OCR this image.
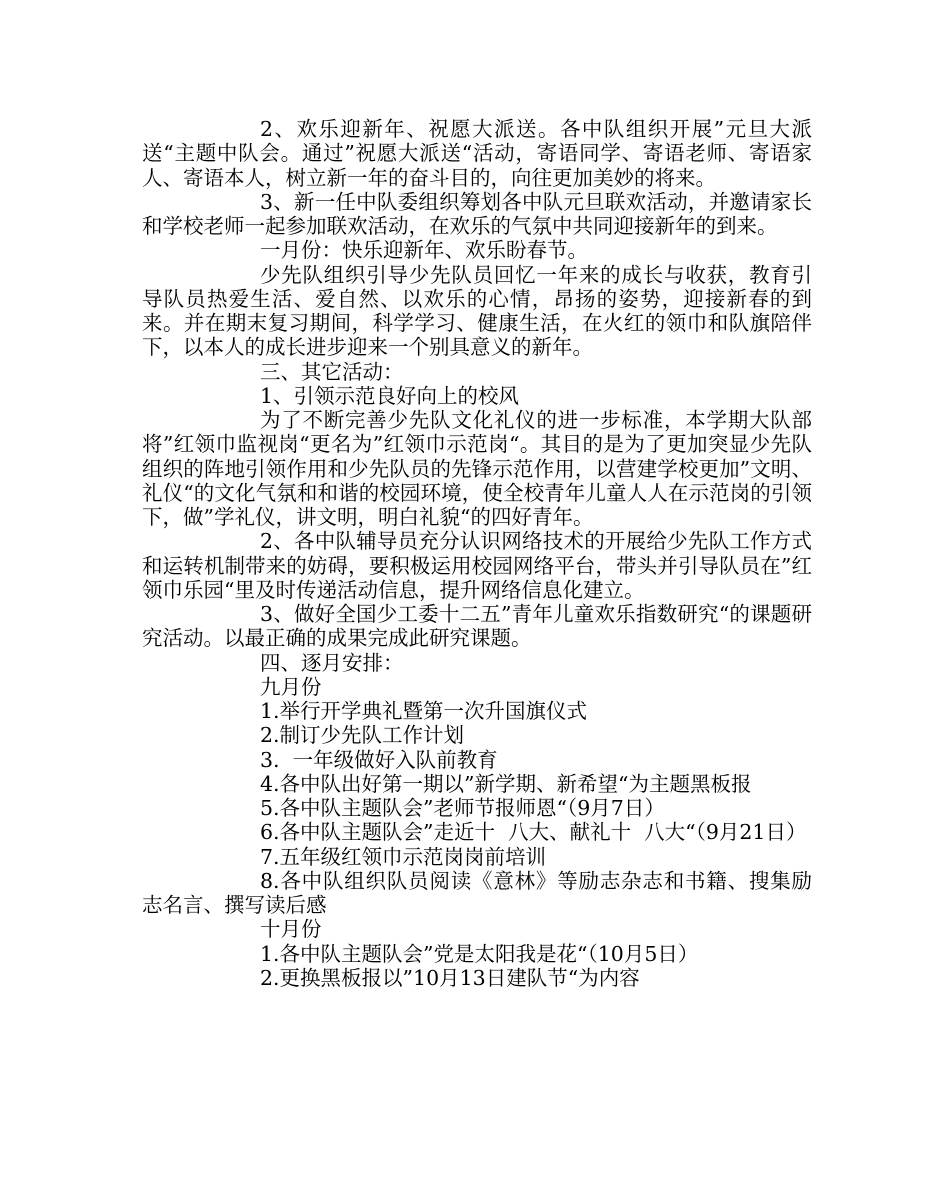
2、欢乐迎新年、祝愿大派送。各中队组织开展”元旦大派送“主题中队会。通过”祝愿大派送“活动，寄语同学、寄语老师、寄语家人、寄语本人，树立新一年的奋斗目的，向往更加美妙的将来。

3、新一任中队委组织筹划各中队元旦联欢活动，并邀请家长和学校老师一起参加联欢活动，在欢乐的气氛中共同迎接新年的到来。

一月份：快乐迎新年、欢乐盼春节。

少先队组织引导少先队员回忆一年来的成长与收获，教育引导队员热爱生活、爱自然、以欢乐的心情，昂扬的姿势，迎接新春的到来。并在期末复习期间，科学学习、健康生活，在火红的领巾和队旗陪伴下，以本人的成长进步迎来一个别具意义的新年。

三、其它活动：

1、引领示范良好向上的校风

为了不断完善少先队文化礼仪的进一步标准，本学期大队部将”红领巾监视岗“更名为”红领巾示范岗“。其目的是为了更加突显少先队组织的阵地引领作用和少先队员的先锋示范作用，以营建学校更加”文明、礼仪“的文化气氛和和谐的校园环境，使全校青年儿童人人在示范岗的引领下，做”学礼仪，讲文明，明白礼貌“的四好青年。

2、各中队辅导员充分认识网络技术的开展给少先队工作方式和运转机制带来的妨碍，要积极运用校园网络平台，带头并引导队员在”红领巾乐园“里及时传递活动信息，提升网络信息化建立。

3、做好全国少工委十二五”青年儿童欢乐指数研究“的课题研究活动。以最正确的成果完成此研究课题。

四、逐月安排：

九月份

1.举行开学典礼暨第一次升国旗仪式

2.制订少先队工作计划

3.  一年级做好入队前教育

4.各中队出好第一期以”新学期、新希望“为主题黑板报

5.各中队主题队会”老师节报师恩“（9月7日）

6.各中队主题队会”走近十  八大、献礼十  八大“（9月21日）

7.五年级红领巾示范岗岗前培训

8.各中队组织队员阅读《意林》等励志杂志和书籍、搜集励志名言、撰写读后感

十月份

1.各中队主题队会”党是太阳我是花“（10月5日）

2.更换黑板报以”10月13日建队节“为内容
